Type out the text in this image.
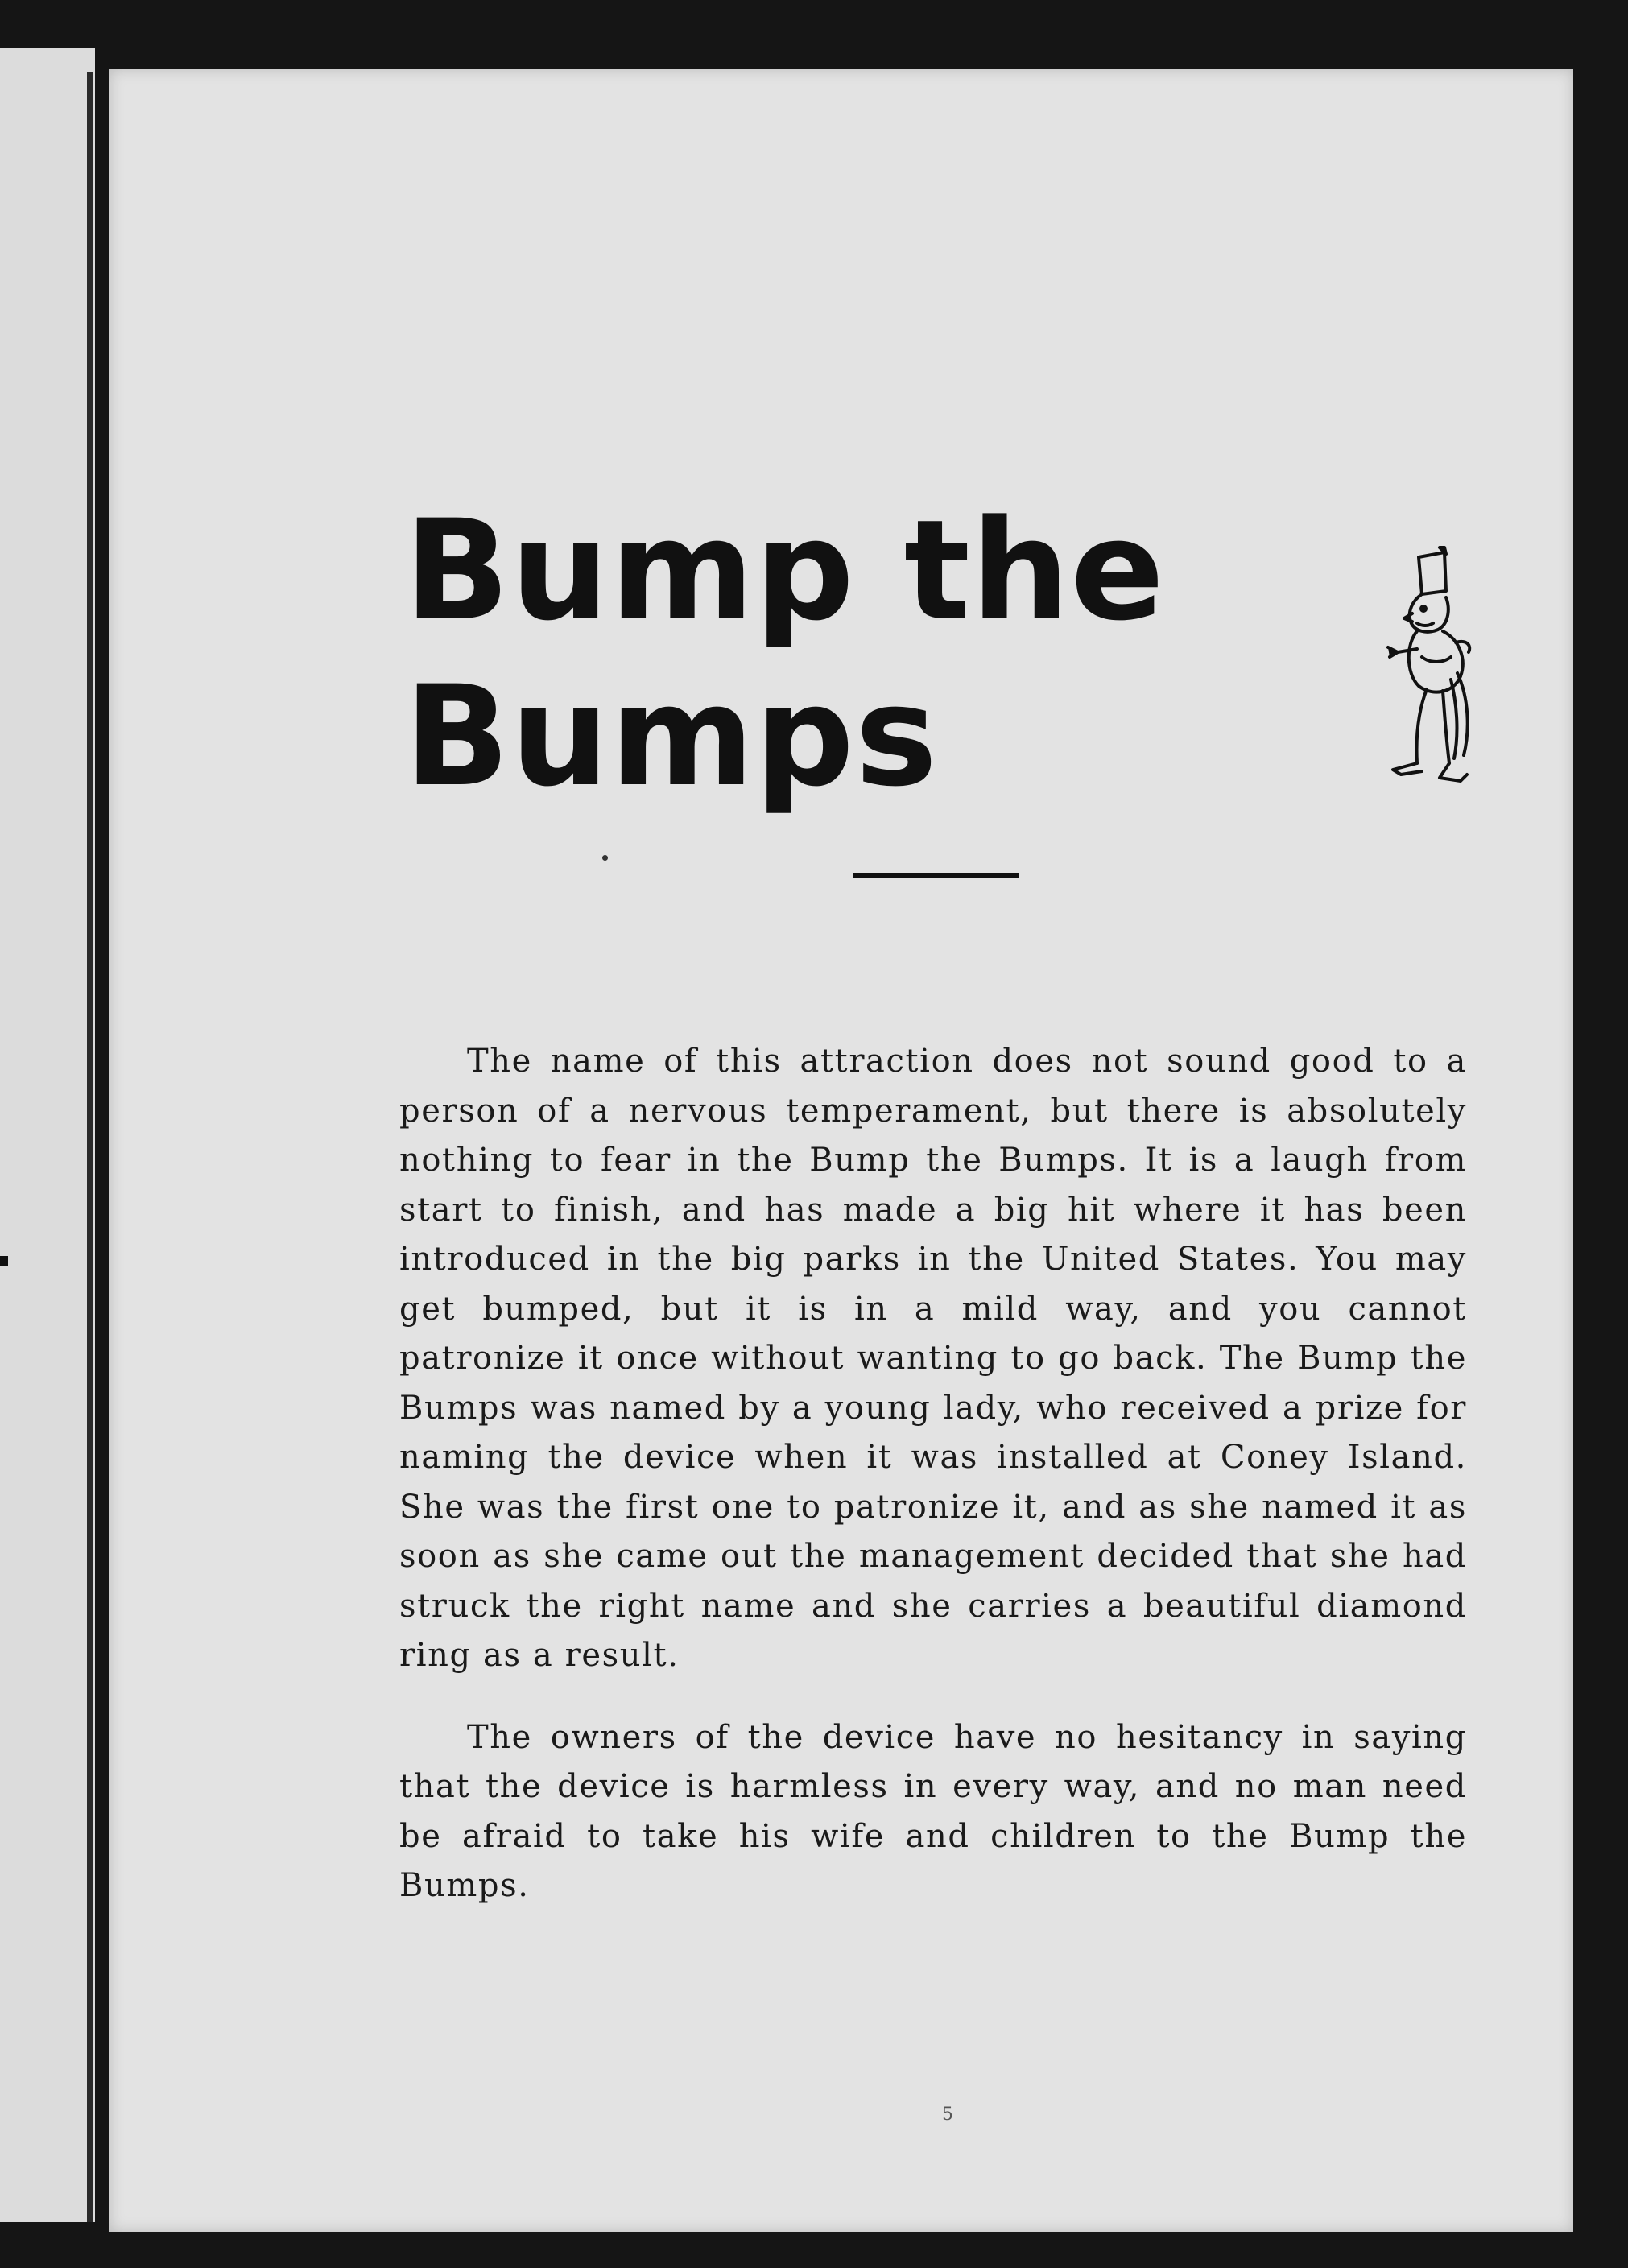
Bump the
Bumps

The name of this attraction does not sound good to a person of a nervous temperament, but there is absolutely nothing to fear in the Bump the Bumps. It is a laugh from start to finish, and has made a big hit where it has been introduced in the big parks in the United States. You may get bumped, but it is in a mild way, and you cannot patronize it once without wanting to go back. The Bump the Bumps was named by a young lady, who received a prize for naming the device when it was installed at Coney Island. She was the first one to patronize it, and as she named it as soon as she came out the management decided that she had struck the right name and she carries a beautiful diamond ring as a result.

The owners of the device have no hesitancy in saying that the device is harmless in every way, and no man need be afraid to take his wife and children to the Bump the Bumps.

5
